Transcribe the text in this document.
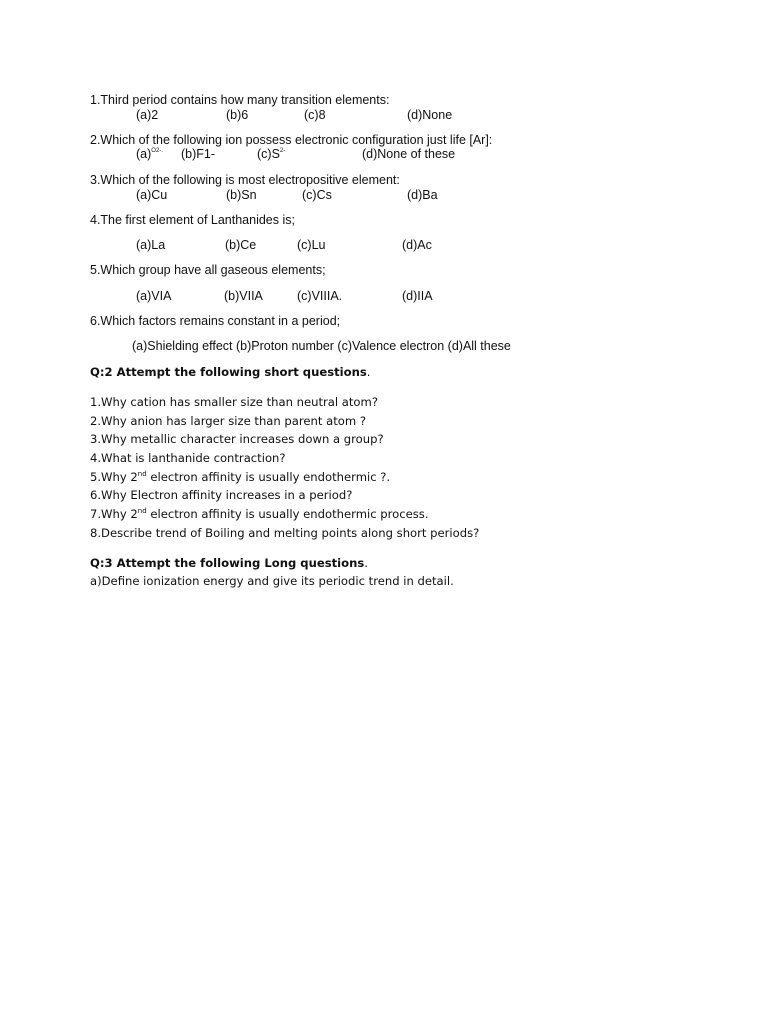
1.Third period contains how many transition elements:
(a)2	(b)6	(c)8	(d)None
2.Which of the following ion possess electronic configuration just life [Ar]:
$(a)^{O2-.}$ (b)F1-	$(c)S^{2-}$	(d)None of these
3.Which of the following is most electropositive element:
(a)Cu	(b)Sn	(c)Cs	(d)Ba
4.The first element of Lanthanides is;
(a)La	(b)Ce	(c)Lu	(d)Ac
5.Which group have all gaseous elements;
(a)VIA	(b)VIIA	(c)VIIIA.	(d)IIA
6.Which factors remains constant in a period;
(a)Shielding effect (b)Proton number (c)Valence electron (d)All these
Q:2 Attempt the following short questions.
1.Why cation has smaller size than neutral atom?
2.Why anion has larger size than parent atom ?
3.Why metallic character increases down a group?
4.What is lanthanide contraction?
5.Why 2nd electron affinity is usually endothermic ?.
6.Why Electron affinity increases in a period?
7.Why 2nd electron affinity is usually endothermic process.
8.Describe trend of Boiling and melting points along short periods?
Q:3 Attempt the following Long questions.
a)Define ionization energy and give its periodic trend in detail.
